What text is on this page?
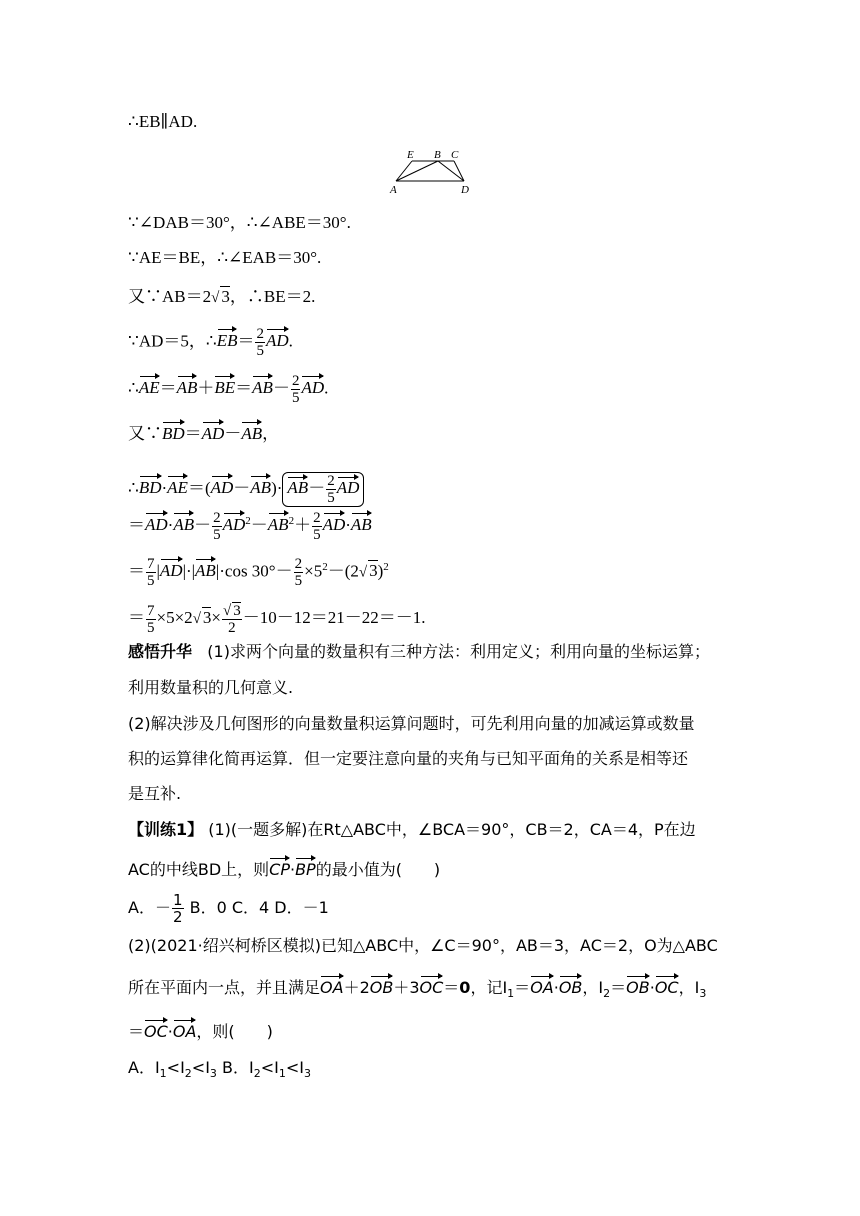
∴EB∥AD.
E B C
A	D
∵∠DAB＝30°，∴∠ABE＝30°.
∵AE＝BE，∴∠EAB＝30°.
又∵AB＝2√ 3，∴BE＝2.
∵AD＝5，∴EB＝ $\frac{2}{5}$ AD.
∴AE＝AB＋BE＝AB－ $\frac{2}{5}$ AD.
又∵BD＝AD－AB，
∴BD·AE＝(AD－AB)· $AB- \frac{2}{5}$ AD
$=AD\cdot AB- \frac{2}{5} AD^2-AB^2+ \frac{2}{5} AD\cdot AB$
＝ $\frac{7}{5} |AD|\cdot|AB|\cdot\cos$ $30^\circ- \frac{2}{5} \times 5^2-(2√$ 3)$^2$
＝ $\frac{7}{5} \times 5\times 2√$ $3\times \frac{√ 3}{2} -10-12=21-22=-1$.
感悟升华 (1)求两个向量的数量积有三种方法：利用定义；利用向量的坐标运算；
利用数量积的几何意义.
(2)解决涉及几何图形的向量数量积运算问题时，可先利用向量的加减运算或数量
积的运算律化简再运算．但一定要注意向量的夹角与已知平面角的关系是相等还
是互补.
【训练1】 (1)(一题多解)在Rt△ABC中，∠BCA＝90°，CB＝2，CA＝4，P在边
AC的中线BD上，则CP·BP的最小值为(　　)
A．－ $\frac{1}{2}$ B．0 C．4 D．－1
(2)(2021·绍兴柯桥区模拟)已知△ABC中，∠C＝90°，AB＝3，AC＝2，O为△ABC
所在平面内一点，并且满足OA＋2OB＋3OC＝0，记$I_1=OA\cdot OB$，$I_2=OB\cdot OC$，$I_3$
＝OC·OA，则(　　)
A．$I_1<I_2<I_3$ B．$I_2<I_1<I_3$
